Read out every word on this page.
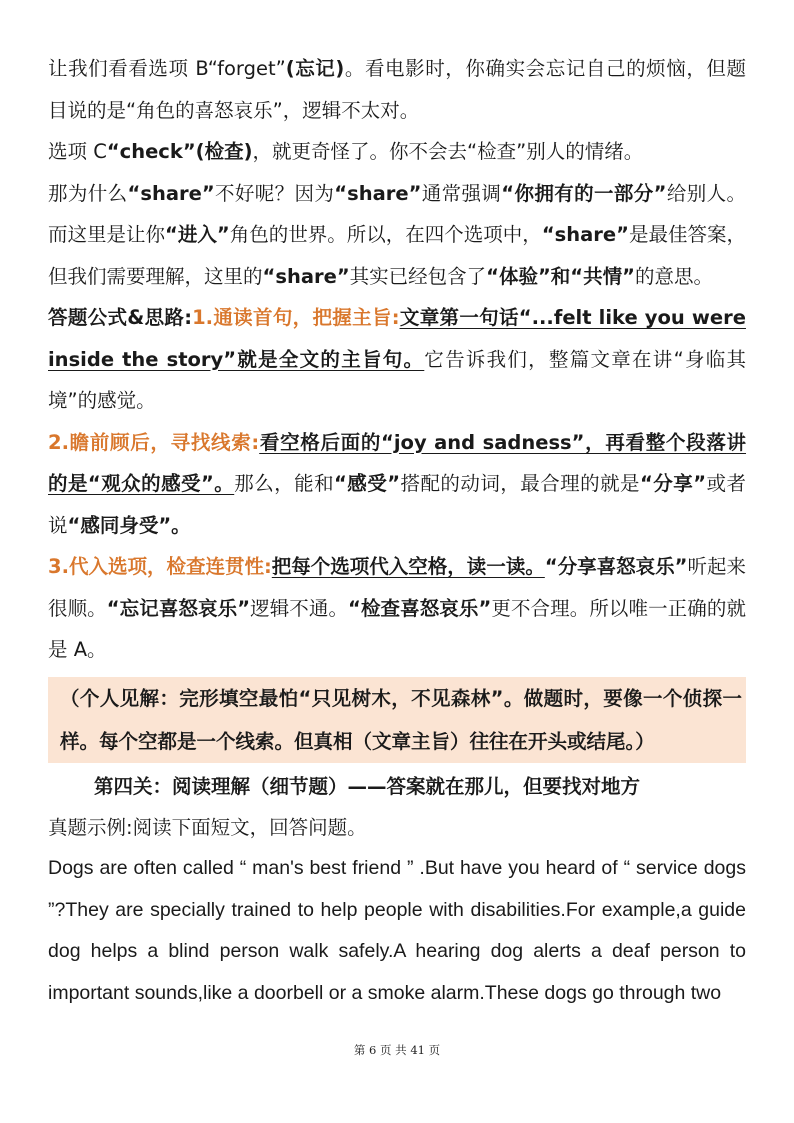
让我们看看选项 B“forget”(忘记)。看电影时，你确实会忘记自己的烦恼，但题目说的是“角色的喜怒哀乐”，逻辑不太对。

选项 C“check”(检查)，就更奇怪了。你不会去“检查”别人的情绪。

那为什么“share”不好呢？因为“share”通常强调“你拥有的一部分”给别人。而这里是让你“进入”角色的世界。所以，在四个选项中，“share”是最佳答案，但我们需要理解，这里的“share”其实已经包含了“体验”和“共情”的意思。

答题公式&思路:1.通读首句，把握主旨:文章第一句话“...felt like you were inside the story”就是全文的主旨句。它告诉我们，整篇文章在讲“身临其境”的感觉。

2.瞻前顾后，寻找线索:看空格后面的“joy and sadness”，再看整个段落讲的是“观众的感受”。那么，能和“感受”搭配的动词，最合理的就是“分享”或者说“感同身受”。

3.代入选项，检查连贯性:把每个选项代入空格，读一读。“分享喜怒哀乐”听起来很顺。“忘记喜怒哀乐”逻辑不通。“检查喜怒哀乐”更不合理。所以唯一正确的就是 A。

（个人见解：完形填空最怕“只见树木，不见森林”。做题时，要像一个侦探一样。每个空都是一个线索。但真相（文章主旨）往往在开头或结尾。）

第四关：阅读理解（细节题）——答案就在那儿，但要找对地方

真题示例:阅读下面短文，回答问题。

Dogs are often called “ man's best friend ” .But have you heard of “ service dogs ”?They are specially trained to help people with disabilities.For example,a guide dog helps a blind person walk safely.A hearing dog alerts a deaf person to important sounds,like a doorbell or a smoke alarm.These dogs go through two

第 6 页 共 41 页
